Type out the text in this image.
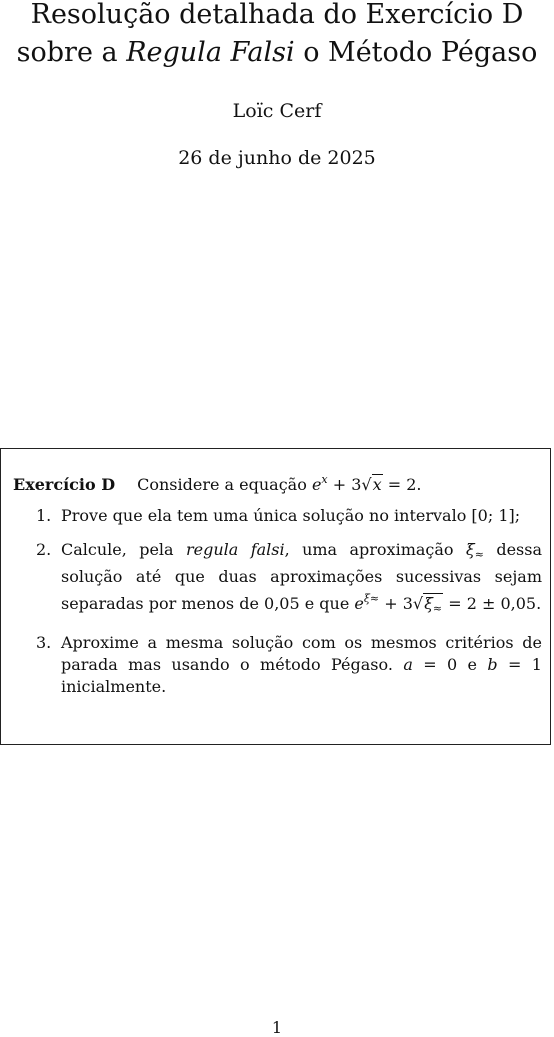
Resolução detalhada do Exercício D
sobre a Regula Falsi o Método Pégaso
Loïc Cerf
26 de junho de 2025
Exercício D Considere a equação $e^x + 3√x = 2$.
1. Prove que ela tem uma única solução no intervalo [0; 1];
2. Calcule, pela regula falsi, uma aproximação $\xi_\approx$ dessa solução até que duas aproximações sucessivas sejam separadas por menos de 0,05 e que $e^{\xi\approx} + 3√\xi_\approx = 2 \pm 0,05$.
3. Aproxime a mesma solução com os mesmos critérios de parada mas usando o método Pégaso. a = 0 e b = 1 inicialmente.
1
